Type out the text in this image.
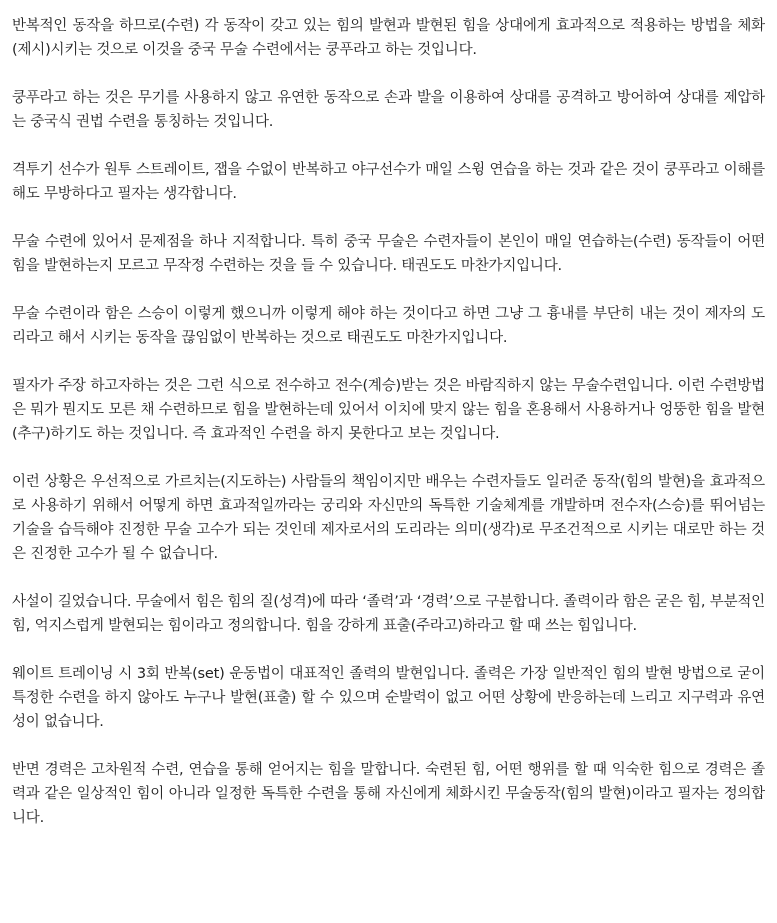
반복적인 동작을 하므로(수련) 각 동작이 갖고 있는 힘의 발현과 발현된 힘을 상대에게 효과적으로 적용하는 방법을 체화(제시)시키는 것으로 이것을 중국 무술 수련에서는 쿵푸라고 하는 것입니다.

쿵푸라고 하는 것은 무기를 사용하지 않고 유연한 동작으로 손과 발을 이용하여 상대를 공격하고 방어하여 상대를 제압하는 중국식 권법 수련을 통칭하는 것입니다.

격투기 선수가 원투 스트레이트, 잽을 수없이 반복하고 야구선수가 매일 스윙 연습을 하는 것과 같은 것이 쿵푸라고 이해를 해도 무방하다고 필자는 생각합니다.

무술 수련에 있어서 문제점을 하나 지적합니다. 특히 중국 무술은 수련자들이 본인이 매일 연습하는(수련) 동작들이 어떤 힘을 발현하는지 모르고 무작정 수련하는 것을 들 수 있습니다. 태권도도 마찬가지입니다.

무술 수련이라 함은 스승이 이렇게 했으니까 이렇게 해야 하는 것이다고 하면 그냥 그 흉내를 부단히 내는 것이 제자의 도리라고 해서 시키는 동작을 끊임없이 반복하는 것으로 태권도도 마찬가지입니다.

필자가 주장 하고자하는 것은 그런 식으로 전수하고 전수(계승)받는 것은 바람직하지 않는 무술수련입니다. 이런 수련방법은 뭐가 뭔지도 모른 채 수련하므로 힘을 발현하는데 있어서 이치에 맞지 않는 힘을 혼용해서 사용하거나 엉뚱한 힘을 발현(추구)하기도 하는 것입니다. 즉 효과적인 수련을 하지 못한다고 보는 것입니다.

이런 상황은 우선적으로 가르치는(지도하는) 사람들의 책임이지만 배우는 수련자들도 일러준 동작(힘의 발현)을 효과적으로 사용하기 위해서 어떻게 하면 효과적일까라는 궁리와 자신만의 독특한 기술체계를 개발하며 전수자(스승)를 뛰어넘는 기술을 습득해야 진정한 무술 고수가 되는 것인데 제자로서의 도리라는 의미(생각)로 무조건적으로 시키는 대로만 하는 것은 진정한 고수가 될 수 없습니다.

사설이 길었습니다. 무술에서 힘은 힘의 질(성격)에 따라 ‘졸력’과 ‘경력’으로 구분합니다. 졸력이라 함은 굳은 힘, 부분적인 힘, 억지스럽게 발현되는 힘이라고 정의합니다. 힘을 강하게 표출(주라고)하라고 할 때 쓰는 힘입니다.

웨이트 트레이닝 시 3회 반복(set) 운동법이 대표적인 졸력의 발현입니다. 졸력은 가장 일반적인 힘의 발현 방법으로 굳이 특정한 수련을 하지 않아도 누구나 발현(표출) 할 수 있으며 순발력이 없고 어떤 상황에 반응하는데 느리고 지구력과 유연성이 없습니다.

반면 경력은 고차원적 수련, 연습을 통해 얻어지는 힘을 말합니다. 숙련된 힘, 어떤 행위를 할 때 익숙한 힘으로 경력은 졸력과 같은 일상적인 힘이 아니라 일정한 독특한 수련을 통해 자신에게 체화시킨 무술동작(힘의 발현)이라고 필자는 정의합니다.
